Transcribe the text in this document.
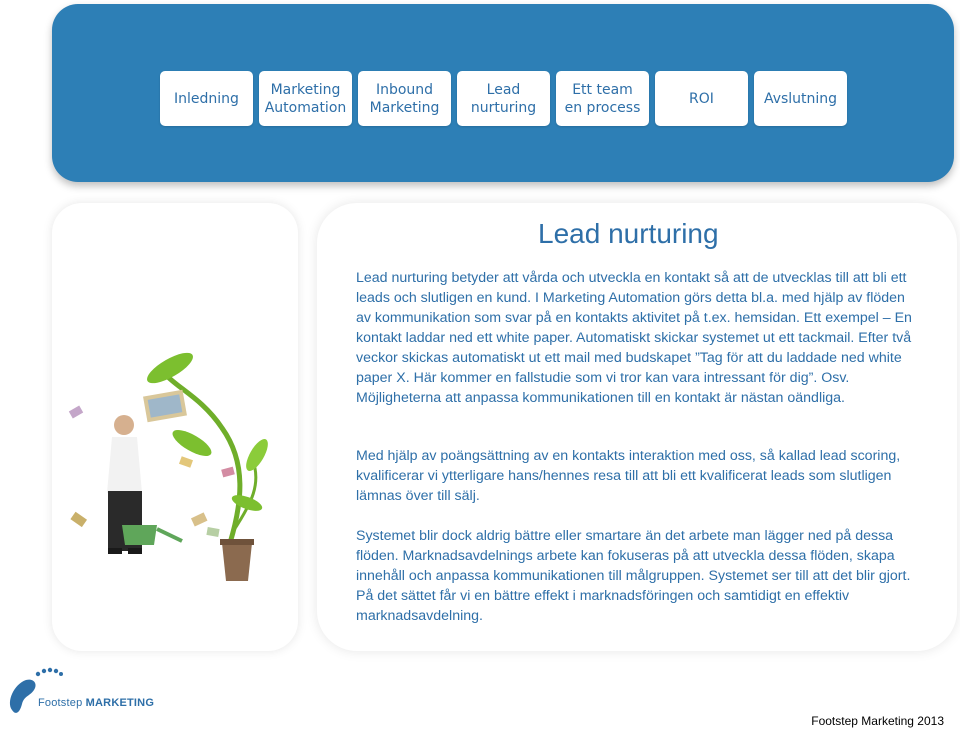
Inledning
Marketing
Automation
Inbound
Marketing
Lead
nurturing
Ett team
en process
ROI	Avslutning
Lead nurturing

Lead nurturing betyder att vårda och utveckla en kontakt så att de utvecklas till att bli ett leads och slutligen en kund. I Marketing Automation görs detta bl.a. med hjälp av flöden av kommunikation som svar på en kontakts aktivitet på t.ex. hemsidan. Ett exempel – En kontakt laddar ned ett white paper. Automatiskt skickar systemet ut ett tackmail. Efter två veckor skickas automatiskt ut ett mail med budskapet ”Tag för att du laddade ned white paper X. Här kommer en fallstudie som vi tror kan vara intressant för dig”. Osv. Möjligheterna att anpassa kommunikationen till en kontakt är nästan oändliga.

Med hjälp av poängsättning av en kontakts interaktion med oss, så kallad lead scoring, kvalificerar vi ytterligare hans/hennes resa till att bli ett kvalificerat leads som slutligen lämnas över till sälj.

Systemet blir dock aldrig bättre eller smartare än det arbete man lägger ned på dessa flöden. Marknadsavdelnings arbete kan fokuseras på att utveckla dessa flöden, skapa innehåll och anpassa kommunikationen till målgruppen. Systemet ser till att det blir gjort. På det sättet får vi en bättre effekt i marknadsföringen och samtidigt en effektiv marknadsavdelning.

Footstep MARKETING
Footstep Marketing 2013
